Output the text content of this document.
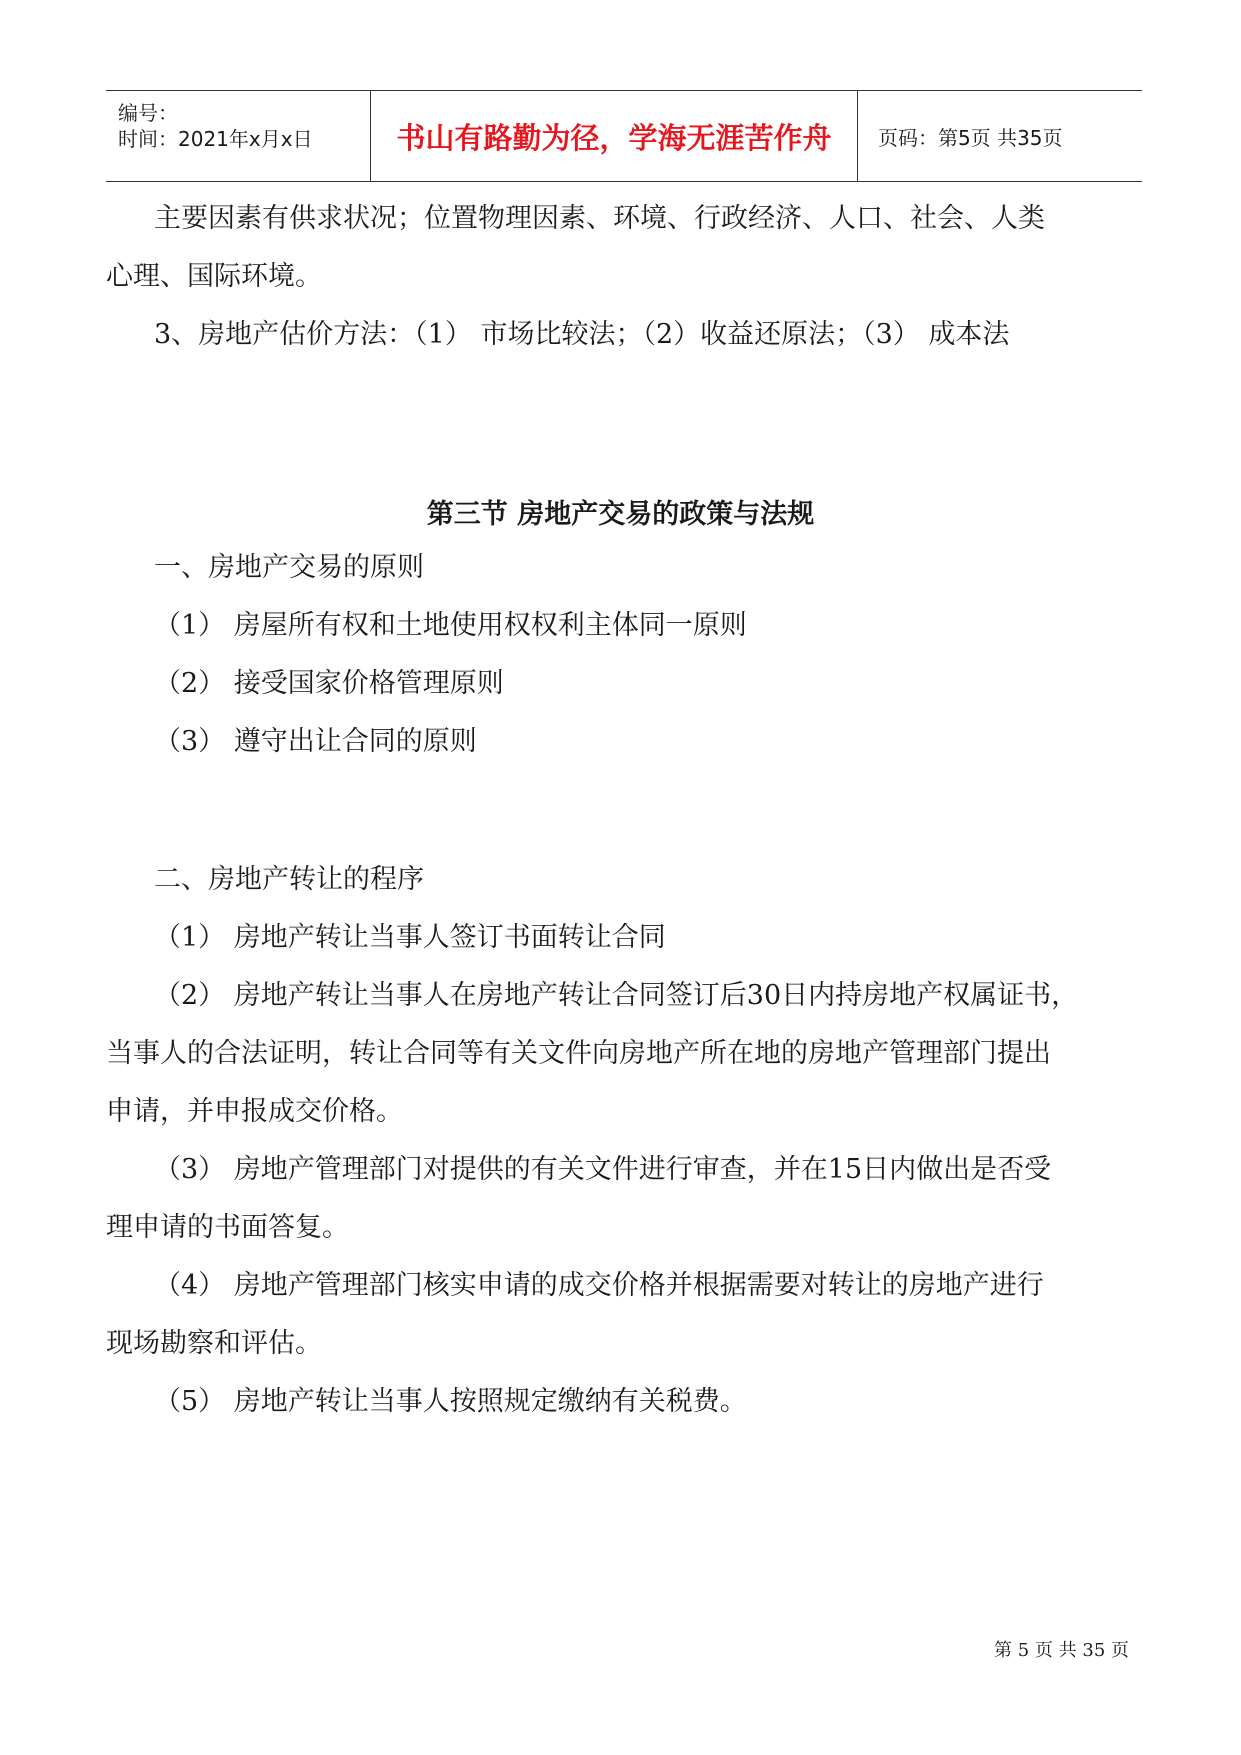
编号：
时间：2021年x月x日	书山有路勤为径，学海无涯苦作舟	页码：第5页 共35页
主要因素有供求状况；位置物理因素、环境、行政经济、人口、社会、人类
心理、国际环境。
3、房地产估价方法：（1） 市场比较法；（2）收益还原法；（3） 成本法
第三节 房地产交易的政策与法规
一、房地产交易的原则
（1） 房屋所有权和土地使用权权利主体同一原则
（2） 接受国家价格管理原则
（3） 遵守出让合同的原则
二、房地产转让的程序
（1） 房地产转让当事人签订书面转让合同
（2） 房地产转让当事人在房地产转让合同签订后30日内持房地产权属证书，
当事人的合法证明，转让合同等有关文件向房地产所在地的房地产管理部门提出
申请，并申报成交价格。
（3） 房地产管理部门对提供的有关文件进行审查，并在15日内做出是否受
理申请的书面答复。
（4） 房地产管理部门核实申请的成交价格并根据需要对转让的房地产进行
现场勘察和评估。
（5） 房地产转让当事人按照规定缴纳有关税费。
第 5 页 共 35 页
